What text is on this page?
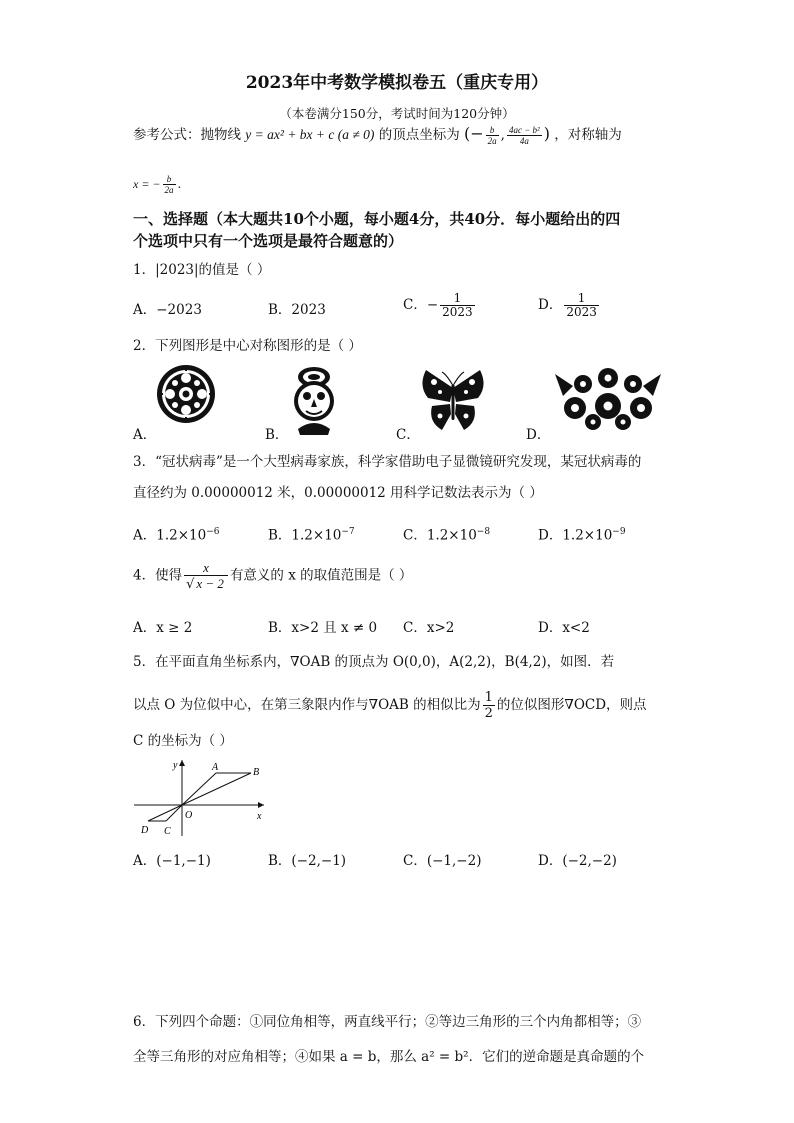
2023年中考数学模拟卷五（重庆专用）
（本卷满分150分，考试时间为120分钟）
参考公式：抛物线 y = ax² + bx + c (a ≠ 0) 的顶点坐标为 (− $\frac{b}{2a}$ , $\frac{\text{4ac − b²}}{4a}$ ) ，对称轴为
x = − $\frac{b}{2a}$ .
一、选择题（本大题共10个小题，每小题4分，共40分．每小题给出的四
个选项中只有一个选项是最符合题意的）
1．|2023|的值是（ ）
A．−2023	B．2023	C．− $\frac{1}{2023}$	D． $\frac{1}{2023}$
2．下列图形是中心对称图形的是（ ）
A．	B．	C．	D．
3．“冠状病毒”是一个大型病毒家族，科学家借助电子显微镜研究发现，某冠状病毒的
直径约为 0.00000012 米，0.00000012 用科学记数法表示为（ ）
A．$1.2\times 10^{-6}$	B．$1.2\times 10^{-7}$	C．$1.2\times 10^{-8}$	D．$1.2\times 10^{-9}$
4．使得 $\frac{x}{√ x - 2}$ 有意义的 x 的取值范围是（ ）
A．x ≥ 2	B．x>2 且 x ≠ 0 C．x>2	D．x<2
5．在平面直角坐标系内，∇OAB 的顶点为 O(0,0)，A(2,2)，B(4,2)，如图．若
以点 O 为位似中心，在第三象限内作与∇OAB 的相似比为 $\frac{1}{2}$ 的位似图形∇OCD，则点
C 的坐标为（ ）
y
x
O
A	B
C
D
A．(−1,−1)	B．(−2,−1)	C．(−1,−2)	D．(−2,−2)
6．下列四个命题：①同位角相等，两直线平行；②等边三角形的三个内角都相等；③
全等三角形的对应角相等；④如果 a = b，那么 a² = b²．它们的逆命题是真命题的个
